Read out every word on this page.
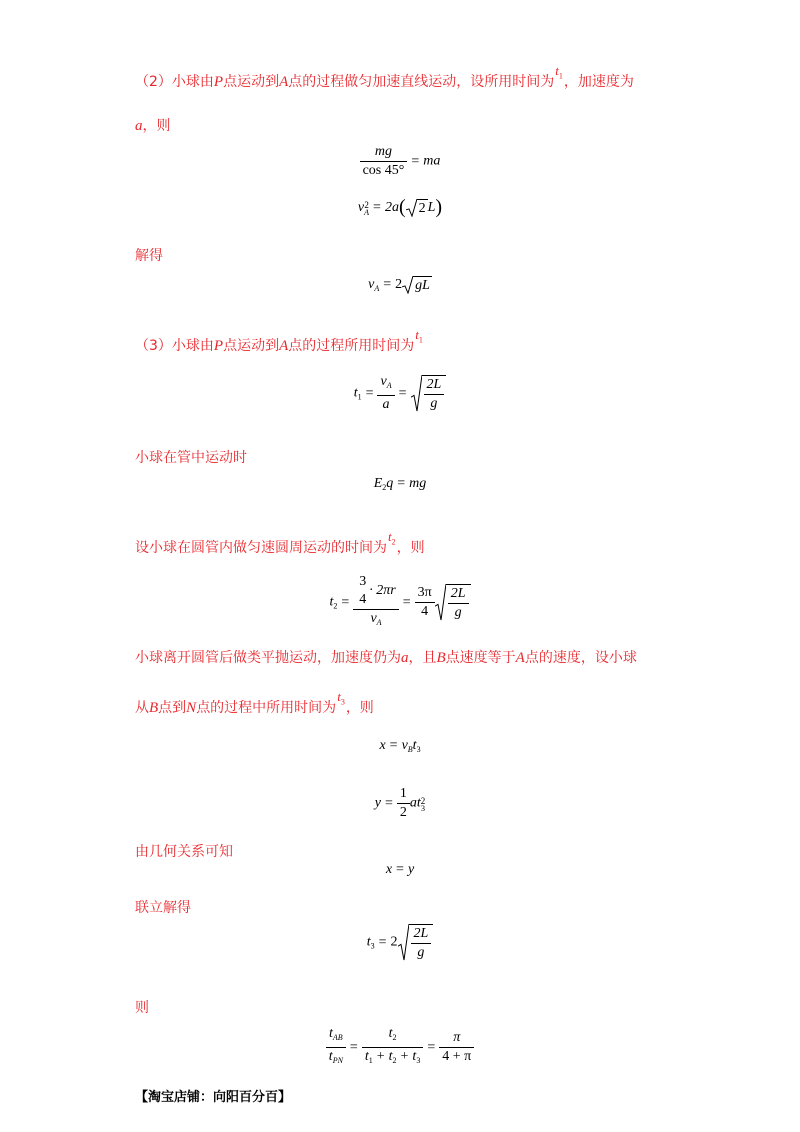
（2）小球由P点运动到A点的过程做匀加速直线运动，设所用时间为$t_1$，加速度为
a，则
$\frac{mg}{\cos 45^\circ}$ = ma
v 2
A = 2a( 2 L)
解得
$v_A = 2$ gL
（3）小球由P点运动到A点的过程所用时间为$t_1$
$t_1 = \frac{v_A}{a} = \frac{2L}{g}$
小球在管中运动时
$E_2q$ = mg
设小球在圆管内做匀速圆周运动的时间为$t_2$，则
$t_2 = 3$
4
· 2πr
$v_A = \frac{3\pi}{4} \frac{2L}{g}$
小球离开圆管后做类平抛运动，加速度仍为a，且B点速度等于A点的速度，设小球
从B点到N点的过程中所用时间为$t_3$，则
$x = v_Bt_3$
$y = \frac{1}{2}$ at 2
3
由几何关系可知
x = y
联立解得
$t_3 = 2 \frac{2L}{g}$
则
$\frac{t_{AB}}{t_{PN}} = \frac{t_2}{t_1 + t_2 + t_3} = \frac{\pi}{4 + \pi}$
【淘宝店铺：向阳百分百】
